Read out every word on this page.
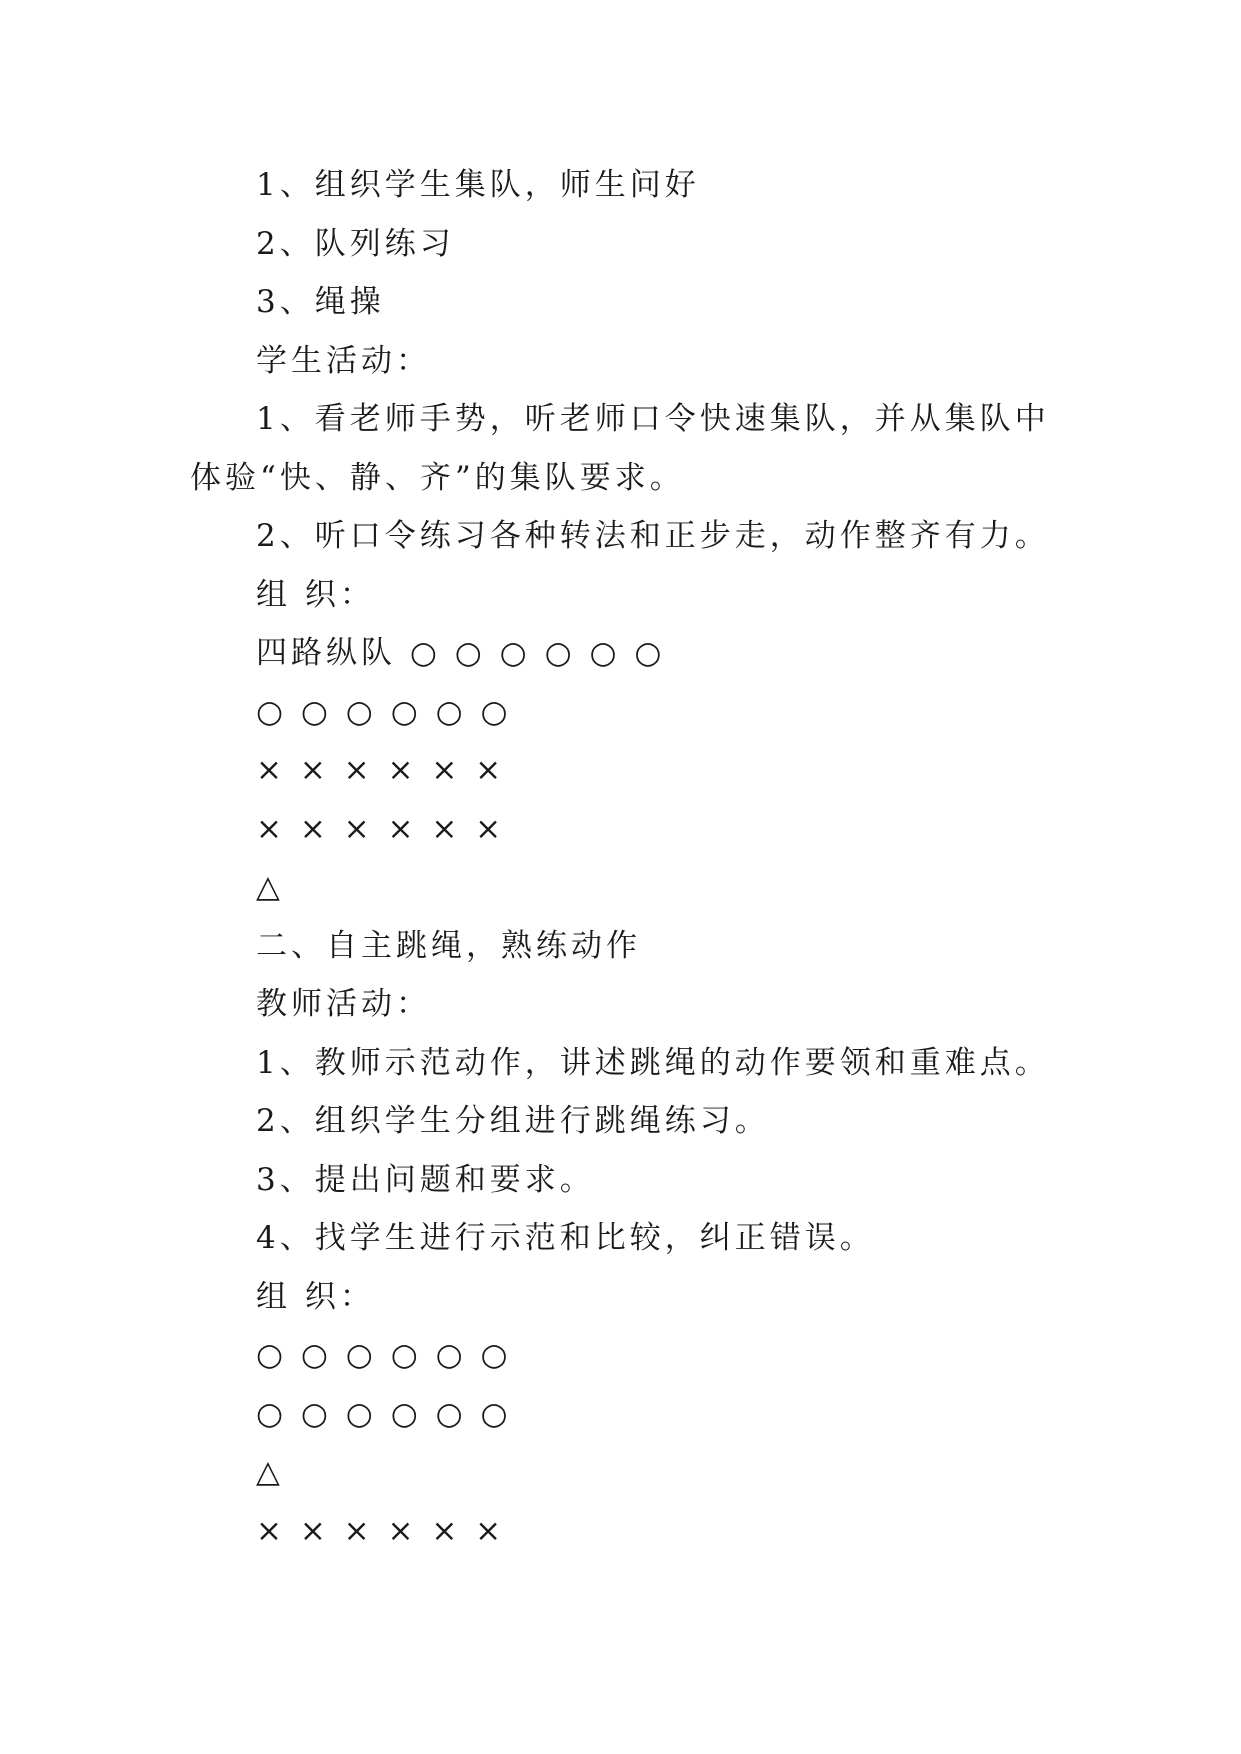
1、组织学生集队，师生问好

2、队列练习

3、绳操

学生活动：

1、看老师手势，听老师口令快速集队，并从集队中体验“快、静、齐”的集队要求。

2、听口令练习各种转法和正步走，动作整齐有力。

组 织：

四路纵队 ○ ○ ○ ○ ○ ○

○ ○ ○ ○ ○ ○

× × × × × ×

× × × × × ×

△

二、自主跳绳，熟练动作

教师活动：

1、教师示范动作，讲述跳绳的动作要领和重难点。

2、组织学生分组进行跳绳练习。

3、提出问题和要求。

4、找学生进行示范和比较，纠正错误。

组 织：

○ ○ ○ ○ ○ ○

○ ○ ○ ○ ○ ○

△

× × × × × ×
